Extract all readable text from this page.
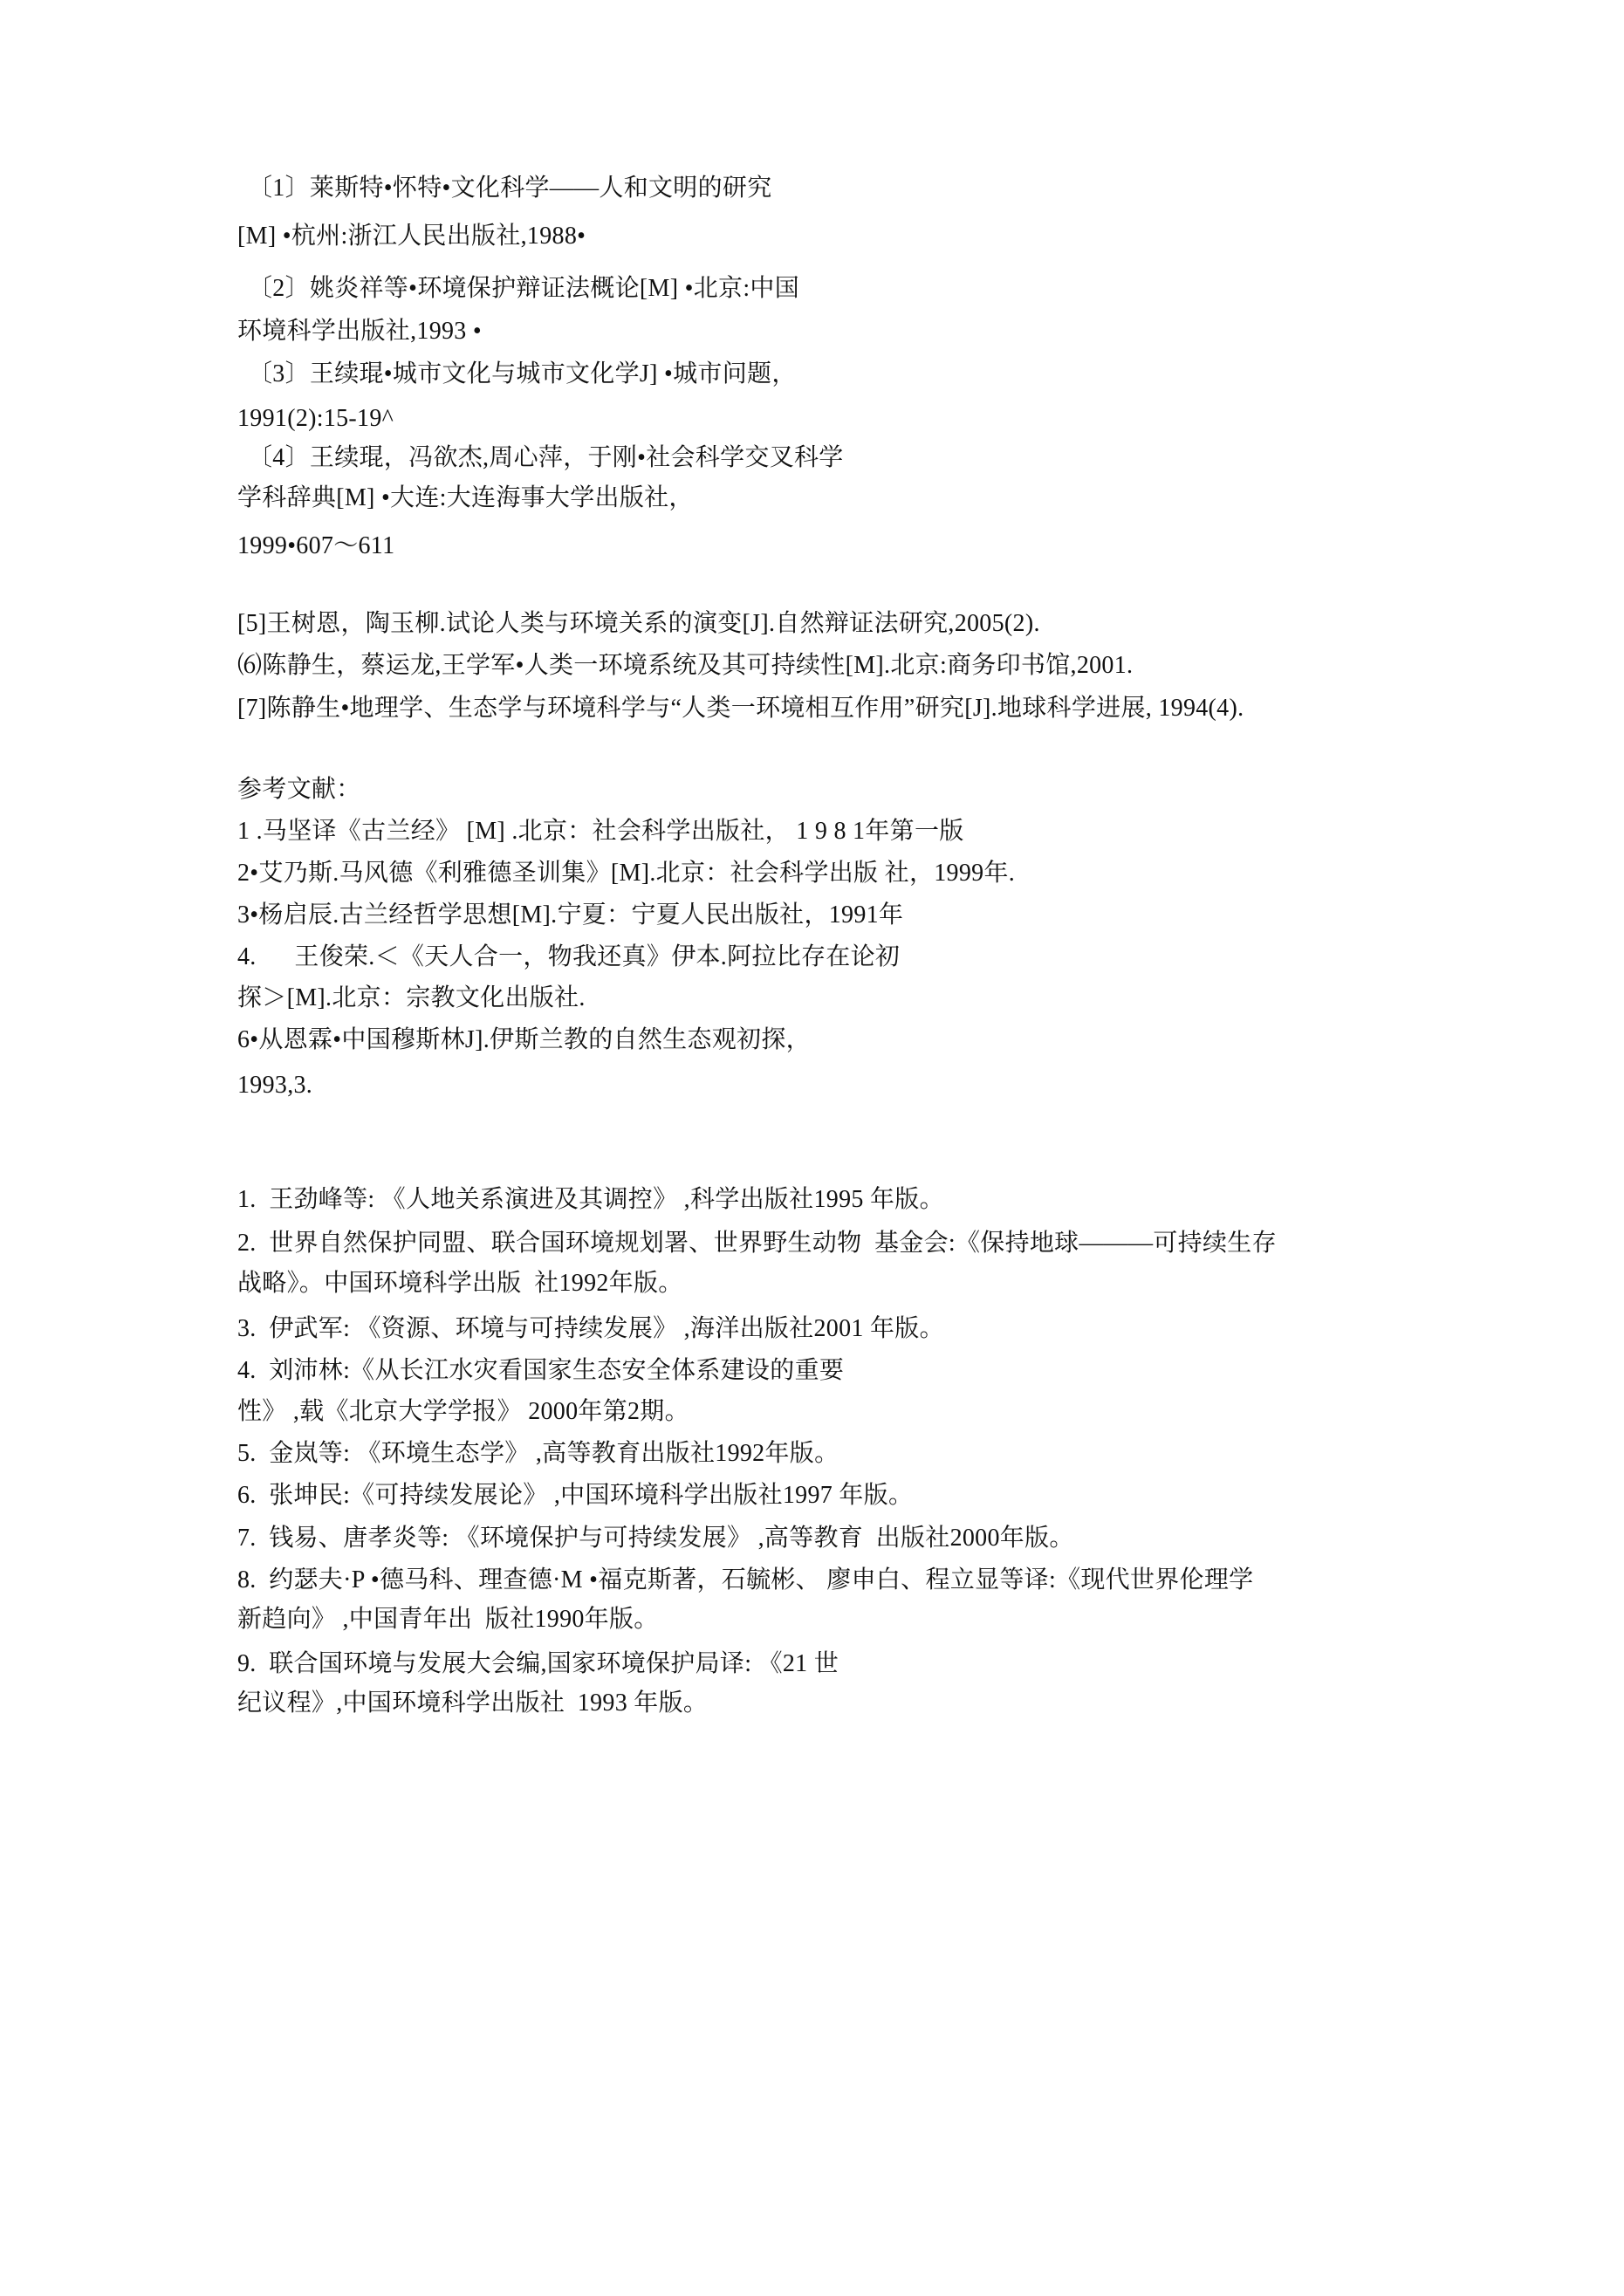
〔1〕莱斯特•怀特•文化科学——人和文明的研究
[M] •杭州:浙江人民出版社,1988•
〔2〕姚炎祥等•环境保护辩证法概论[M] •北京:中国
环境科学出版社,1993 •
〔3〕王续琨•城市文化与城市文化学J] •城市问题，
1991(2):15-19^
〔4〕王续琨，冯欲杰,周心萍，于刚•社会科学交叉科学
学科辞典[M] •大连:大连海事大学出版社，
1999•607〜611
[5]王树恩，陶玉柳.试论人类与环境关系的演变[J].自然辩证法研究,2005(2).
⑹陈静生，蔡运龙,王学军•人类一环境系统及其可持续性[M].北京:商务印书馆,2001.
[7]陈静生•地理学、生态学与环境科学与“人类一环境相互作用”研究[J].地球科学进展, 1994(4).
参考文献：
1 .马坚译《古兰经》 [M] .北京：社会科学出版社， 1 9 8 1年第一版
2•艾乃斯.马风德《利雅德圣训集》[M].北京：社会科学出版 社，1999年.
3•杨启辰.古兰经哲学思想[M].宁夏：宁夏人民出版社，1991年
4.      王俊荣.＜《天人合一，物我还真》伊本.阿拉比存在论初
探＞[M].北京：宗教文化出版社.
6•从恩霖•中国穆斯林J].伊斯兰教的自然生态观初探，
1993,3.
1.  王劲峰等: 《人地关系演进及其调控》 ,科学出版社1995 年版。
2.  世界自然保护同盟、联合国环境规划署、世界野生动物  基金会:《保持地球———可持续生存
战略》。中国环境科学出版  社1992年版。
3.  伊武军: 《资源、环境与可持续发展》 ,海洋出版社2001 年版。
4.  刘沛林:《从长江水灾看国家生态安全体系建设的重要
性》 ,载《北京大学学报》 2000年第2期。
5.  金岚等: 《环境生态学》 ,高等教育出版社1992年版。
6.  张坤民:《可持续发展论》 ,中国环境科学出版社1997 年版。
7.  钱易、唐孝炎等: 《环境保护与可持续发展》 ,高等教育  出版社2000年版。
8.  约瑟夫·P •德马科、理查德·M •福克斯著，石毓彬、 廖申白、程立显等译:《现代世界伦理学
新趋向》 ,中国青年出  版社1990年版。
9.  联合国环境与发展大会编,国家环境保护局译: 《21 世
纪议程》,中国环境科学出版社  1993 年版。
